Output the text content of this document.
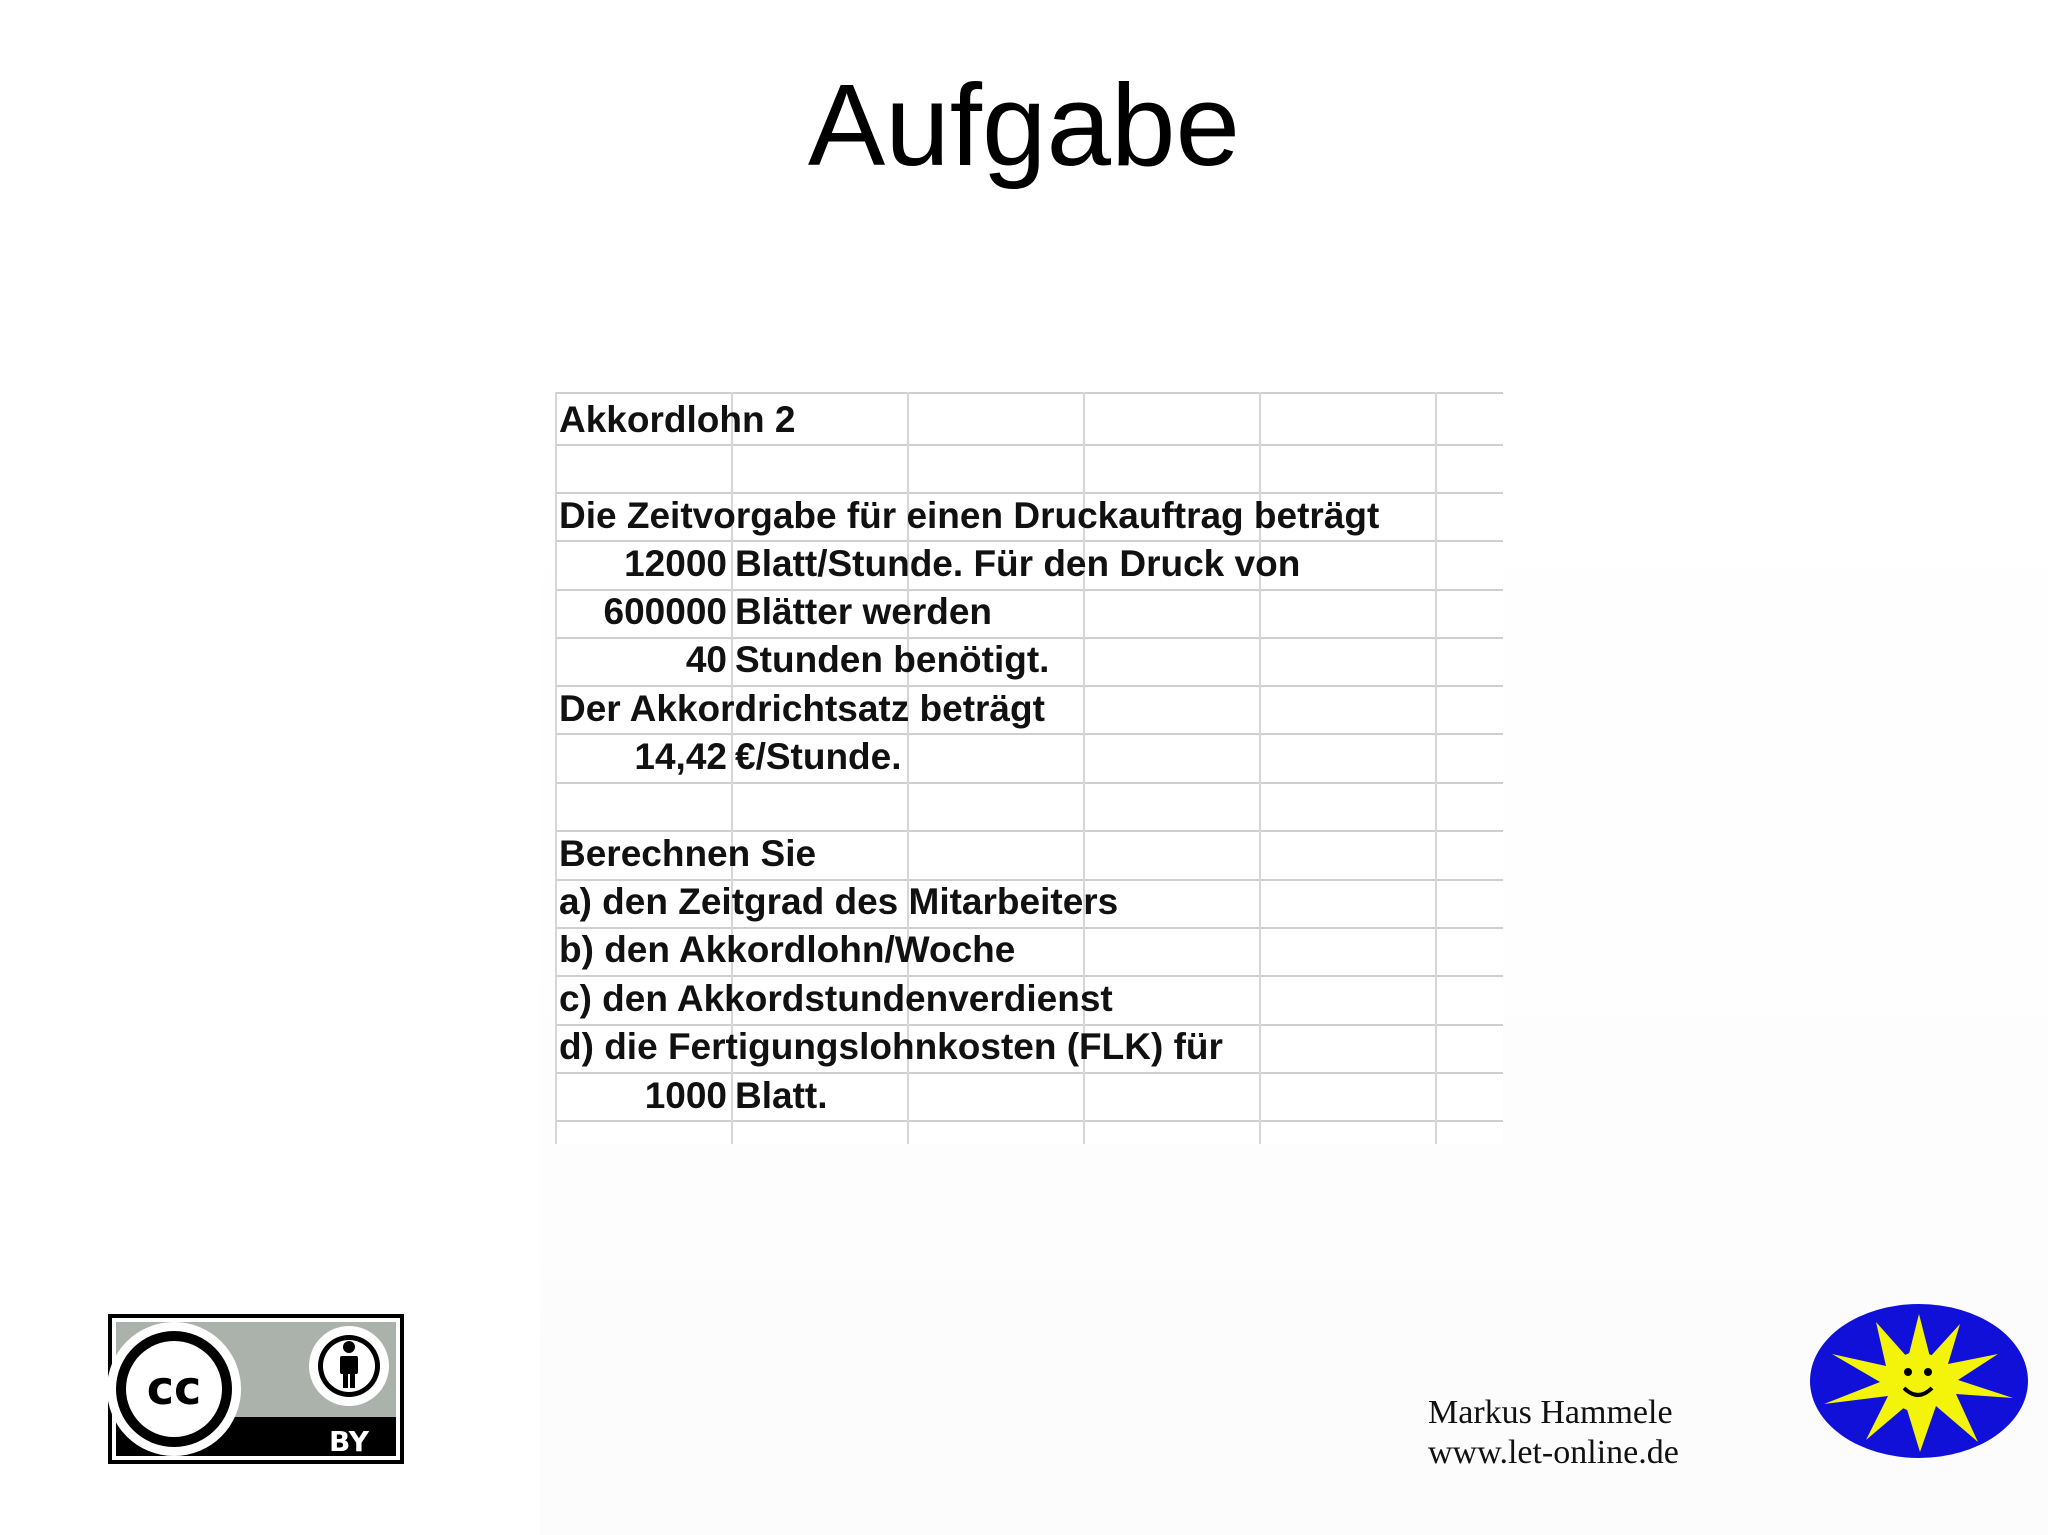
Aufgabe
Akkordlohn 2
Die Zeitvorgabe für einen Druckauftrag beträgt
12000 Blatt/Stunde. Für den Druck von
600000 Blätter werden
40 Stunden benötigt.
Der Akkordrichtsatz beträgt
14,42 €/Stunde.
Berechnen Sie
a) den Zeitgrad des Mitarbeiters
b) den Akkordlohn/Woche
c) den Akkordstundenverdienst
d) die Fertigungslohnkosten (FLK) für
1000 Blatt.
cc
BY
Markus Hammele
www.let-online.de
